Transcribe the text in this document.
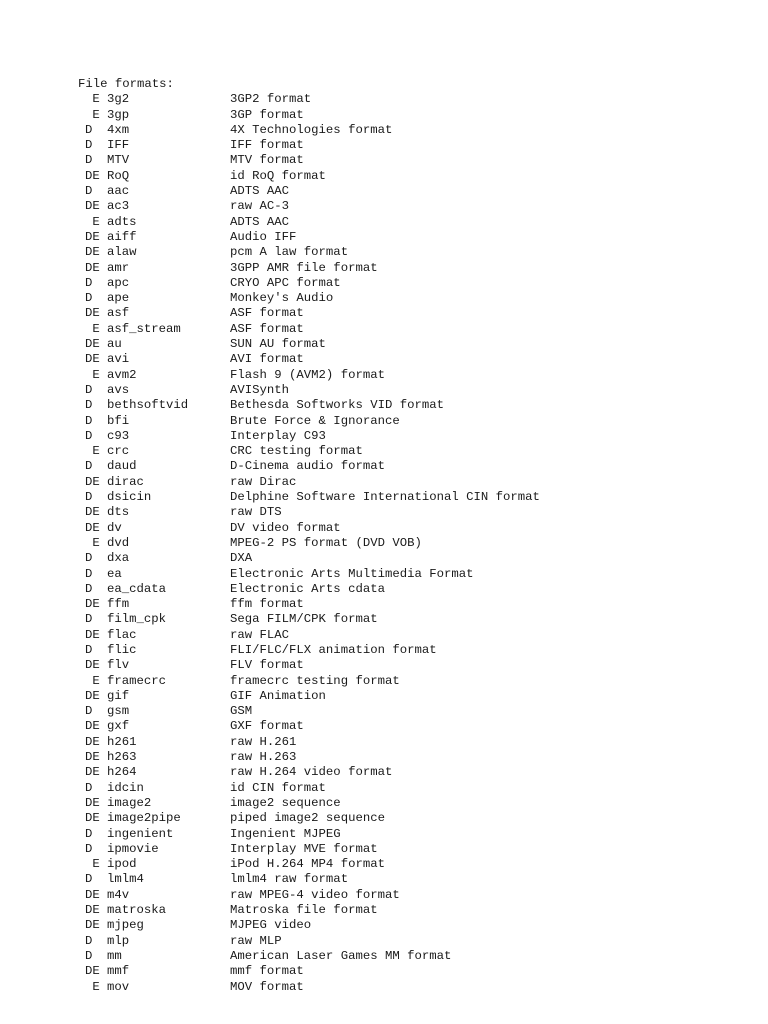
File formats:
E 3g2	3GP2 format
E 3gp	3GP format
D 4xm	4X Technologies format
D IFF	IFF format
D MTV	MTV format
DE RoQ	id RoQ format
D aac	ADTS AAC
DE ac3	raw AC-3
E adts	ADTS AAC
DE aiff	Audio IFF
DE alaw	pcm A law format
DE amr	3GPP AMR file format
D apc	CRYO APC format
D ape	Monkey's Audio
DE asf	ASF format
E asf_stream	ASF format
DE au	SUN AU format
DE avi	AVI format
E avm2	Flash 9 (AVM2) format
D avs	AVISynth
D bethsoftvid	Bethesda Softworks VID format
D bfi	Brute Force & Ignorance
D c93	Interplay C93
E crc	CRC testing format
D daud	D-Cinema audio format
DE dirac	raw Dirac
D dsicin	Delphine Software International CIN format
DE dts	raw DTS
DE dv	DV video format
E dvd	MPEG-2 PS format (DVD VOB)
D dxa	DXA
D ea	Electronic Arts Multimedia Format
D ea_cdata	Electronic Arts cdata
DE ffm	ffm format
D film_cpk	Sega FILM/CPK format
DE flac	raw FLAC
D flic	FLI/FLC/FLX animation format
DE flv	FLV format
E framecrc	framecrc testing format
DE gif	GIF Animation
D gsm	GSM
DE gxf	GXF format
DE h261	raw H.261
DE h263	raw H.263
DE h264	raw H.264 video format
D idcin	id CIN format
DE image2	image2 sequence
DE image2pipe	piped image2 sequence
D ingenient	Ingenient MJPEG
D ipmovie	Interplay MVE format
E ipod	iPod H.264 MP4 format
D lmlm4	lmlm4 raw format
DE m4v	raw MPEG-4 video format
DE matroska	Matroska file format
DE mjpeg	MJPEG video
D mlp	raw MLP
D mm	American Laser Games MM format
DE mmf	mmf format
E mov	MOV format
